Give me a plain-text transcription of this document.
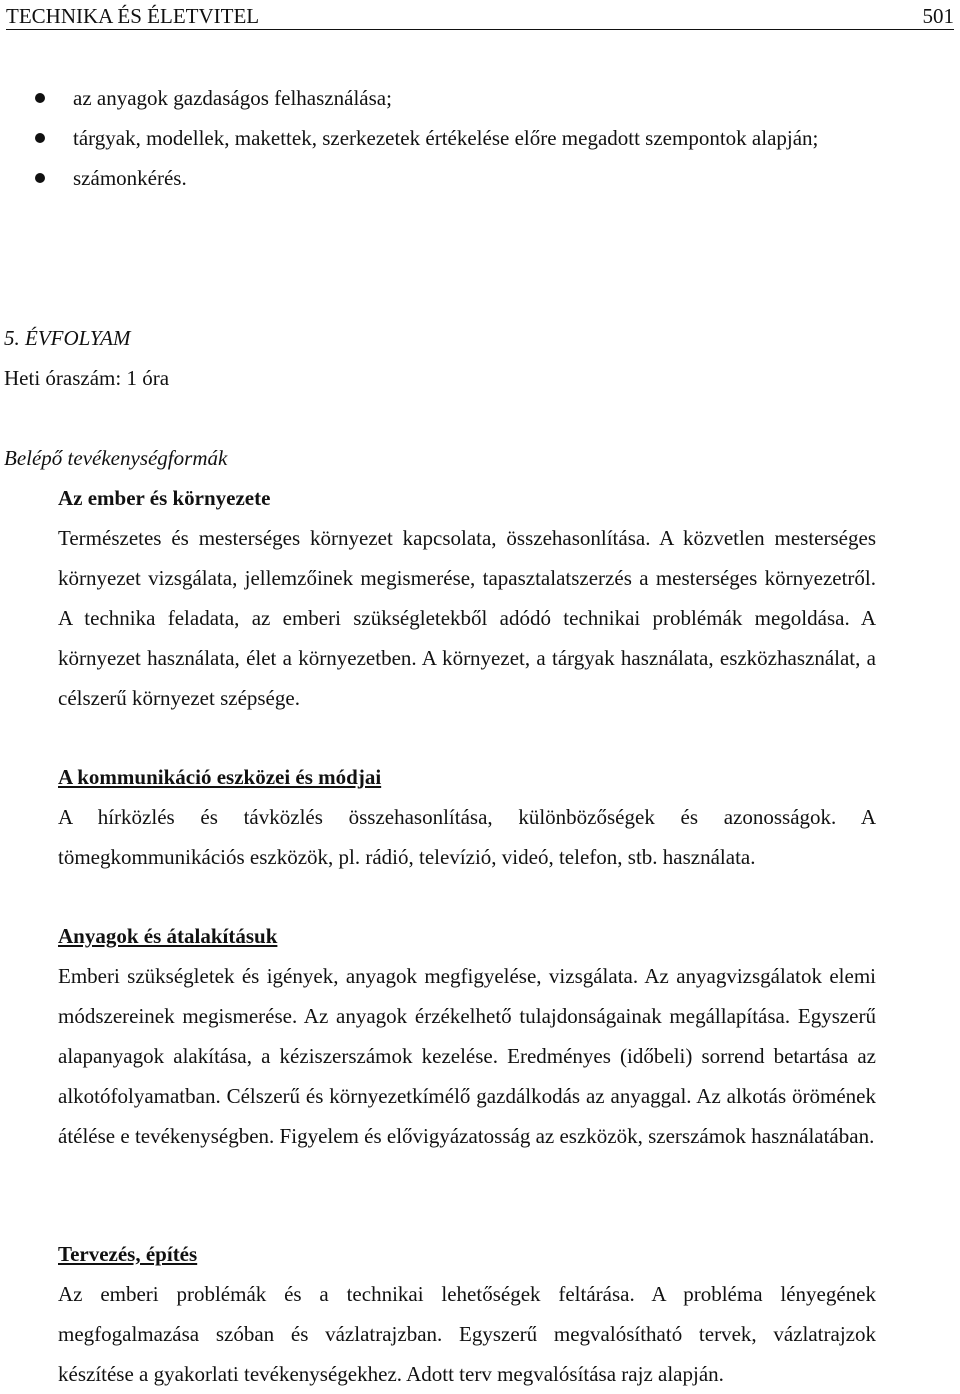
TECHNIKA ÉS ÉLETVITEL	501
az anyagok gazdaságos felhasználása;
tárgyak, modellek, makettek, szerkezetek értékelése előre megadott szempontok alapján;
számonkérés.
5. ÉVFOLYAM
Heti óraszám: 1 óra
Belépő tevékenységformák
Az ember és környezete

Természetes és mesterséges környezet kapcsolata, összehasonlítása. A közvetlen mesterséges környezet vizsgálata, jellemzőinek megismerése, tapasztalatszerzés a mesterséges környezetről. A technika feladata, az emberi szükségletekből adódó technikai problémák megoldása. A környezet használata, élet a környezetben. A környezet, a tárgyak használata, eszközhasználat, a célszerű környezet szépsége.

A kommunikáció eszközei és módjai

A hírközlés és távközlés összehasonlítása, különbözőségek és azonosságok. A tömegkommunikációs eszközök, pl. rádió, televízió, videó, telefon, stb. használata.

Anyagok és átalakításuk

Emberi szükségletek és igények, anyagok megfigyelése, vizsgálata. Az anyagvizsgálatok elemi módszereinek megismerése. Az anyagok érzékelhető tulajdonságainak megállapítása. Egyszerű alapanyagok alakítása, a kéziszerszámok kezelése. Eredményes (időbeli) sorrend betartása az alkotófolyamatban. Célszerű és környezetkímélő gazdálkodás az anyaggal. Az alkotás örömének átélése e tevékenységben. Figyelem és elővigyázatosság az eszközök, szerszámok használatában.

Tervezés, építés

Az emberi problémák és a technikai lehetőségek feltárása. A probléma lényegének megfogalmazása szóban és vázlatrajzban. Egyszerű megvalósítható tervek, vázlatrajzok készítése a gyakorlati tevékenységekhez. Adott terv megvalósítása rajz alapján.
